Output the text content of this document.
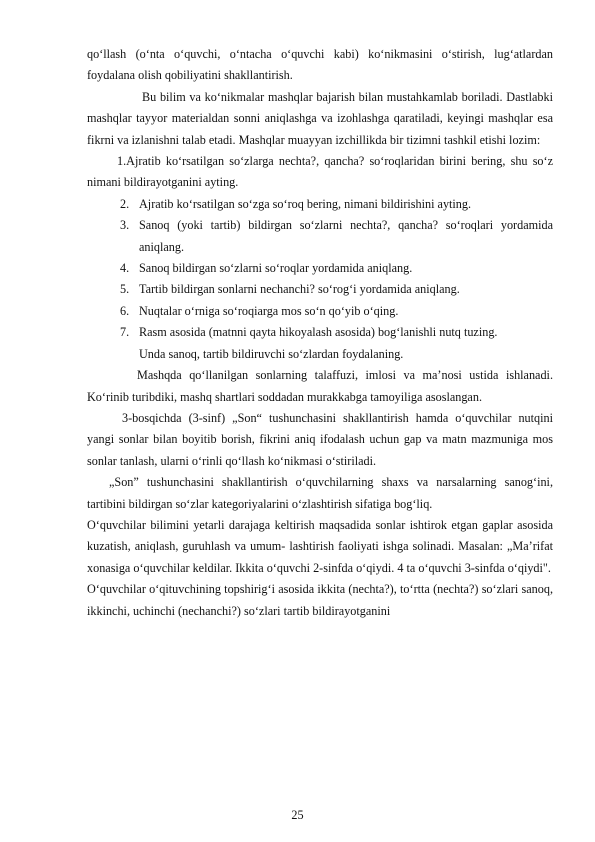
qo‘llash (o‘nta o‘quvchi, o‘ntacha o‘quvchi kabi) ko‘nikmasini o‘stirish, lug‘atlardan foydalana olish qobiliyatini shakllantirish.

Bu bilim va ko‘nikmalar mashqlar bajarish bilan mustahkamlab boriladi. Dastlabki mashqlar tayyor materialdan sonni aniqlashga va izohlashga qaratiladi, keyingi mashqlar esa fikrni va izlanishni talab etadi. Mashqlar muayyan izchillikda bir tizimni tashkil etishi lozim:

1.Ajratib ko‘rsatilgan so‘zlarga nechta?, qancha? so‘roqlaridan birini bering, shu so‘z nimani bildirayotganini ayting.

2. Ajratib ko‘rsatilgan so‘zga so‘roq bering, nimani bildirishini ayting.

3. Sanoq (yoki tartib) bildirgan so‘zlarni nechta?, qancha? so‘roqlari yordamida aniqlang.

4. Sanoq bildirgan so‘zlarni so‘roqlar yordamida aniqlang.

5. Tartib bildirgan sonlarni nechanchi? so‘rog‘i yordamida aniqlang.

6. Nuqtalar o‘rniga so‘roqiarga mos so‘n qo‘yib o‘qing.

7. Rasm asosida (matnni qayta hikoyalash asosida) bog‘lanishli nutq tuzing.

Unda sanoq, tartib bildiruvchi so‘zlardan foydalaning.

Mashqda qo‘llanilgan sonlarning talaffuzi, imlosi va ma’nosi ustida ishlanadi. Ko‘rinib turibdiki, mashq shartlari soddadan murakkabga tamoyiliga asoslangan.

3-bosqichda (3-sinf) „Son“ tushunchasini shakllantirish hamda o‘quvchilar nutqini yangi sonlar bilan boyitib borish, fikrini aniq ifodalash uchun gap va matn mazmuniga mos sonlar tanlash, ularni o‘rinli qo‘llash ko‘nikmasi o‘stiriladi.

„Son” tushunchasini shakllantirish o‘quvchilarning shaxs va narsalarning sanog‘ini, tartibini bildirgan so‘zlar kategoriyalarini o‘zlashtirish sifatiga bog‘liq.

O‘quvchilar bilimini yetarli darajaga keltirish maqsadida sonlar ishtirok etgan gaplar asosida kuzatish, aniqlash, guruhlash va umum- lashtirish faoliyati ishga solinadi. Masalan: „Ma’rifat xonasiga o‘quvchilar keldilar. Ikkita o‘quvchi 2-sinfda o‘qiydi. 4 ta o‘quvchi 3-sinfda o‘qiydi".

O‘quvchilar o‘qituvchining topshirig‘i asosida ikkita (nechta?), to‘rtta (nechta?) so‘zlari sanoq, ikkinchi, uchinchi (nechanchi?) so‘zlari tartib bildirayotganini

25
